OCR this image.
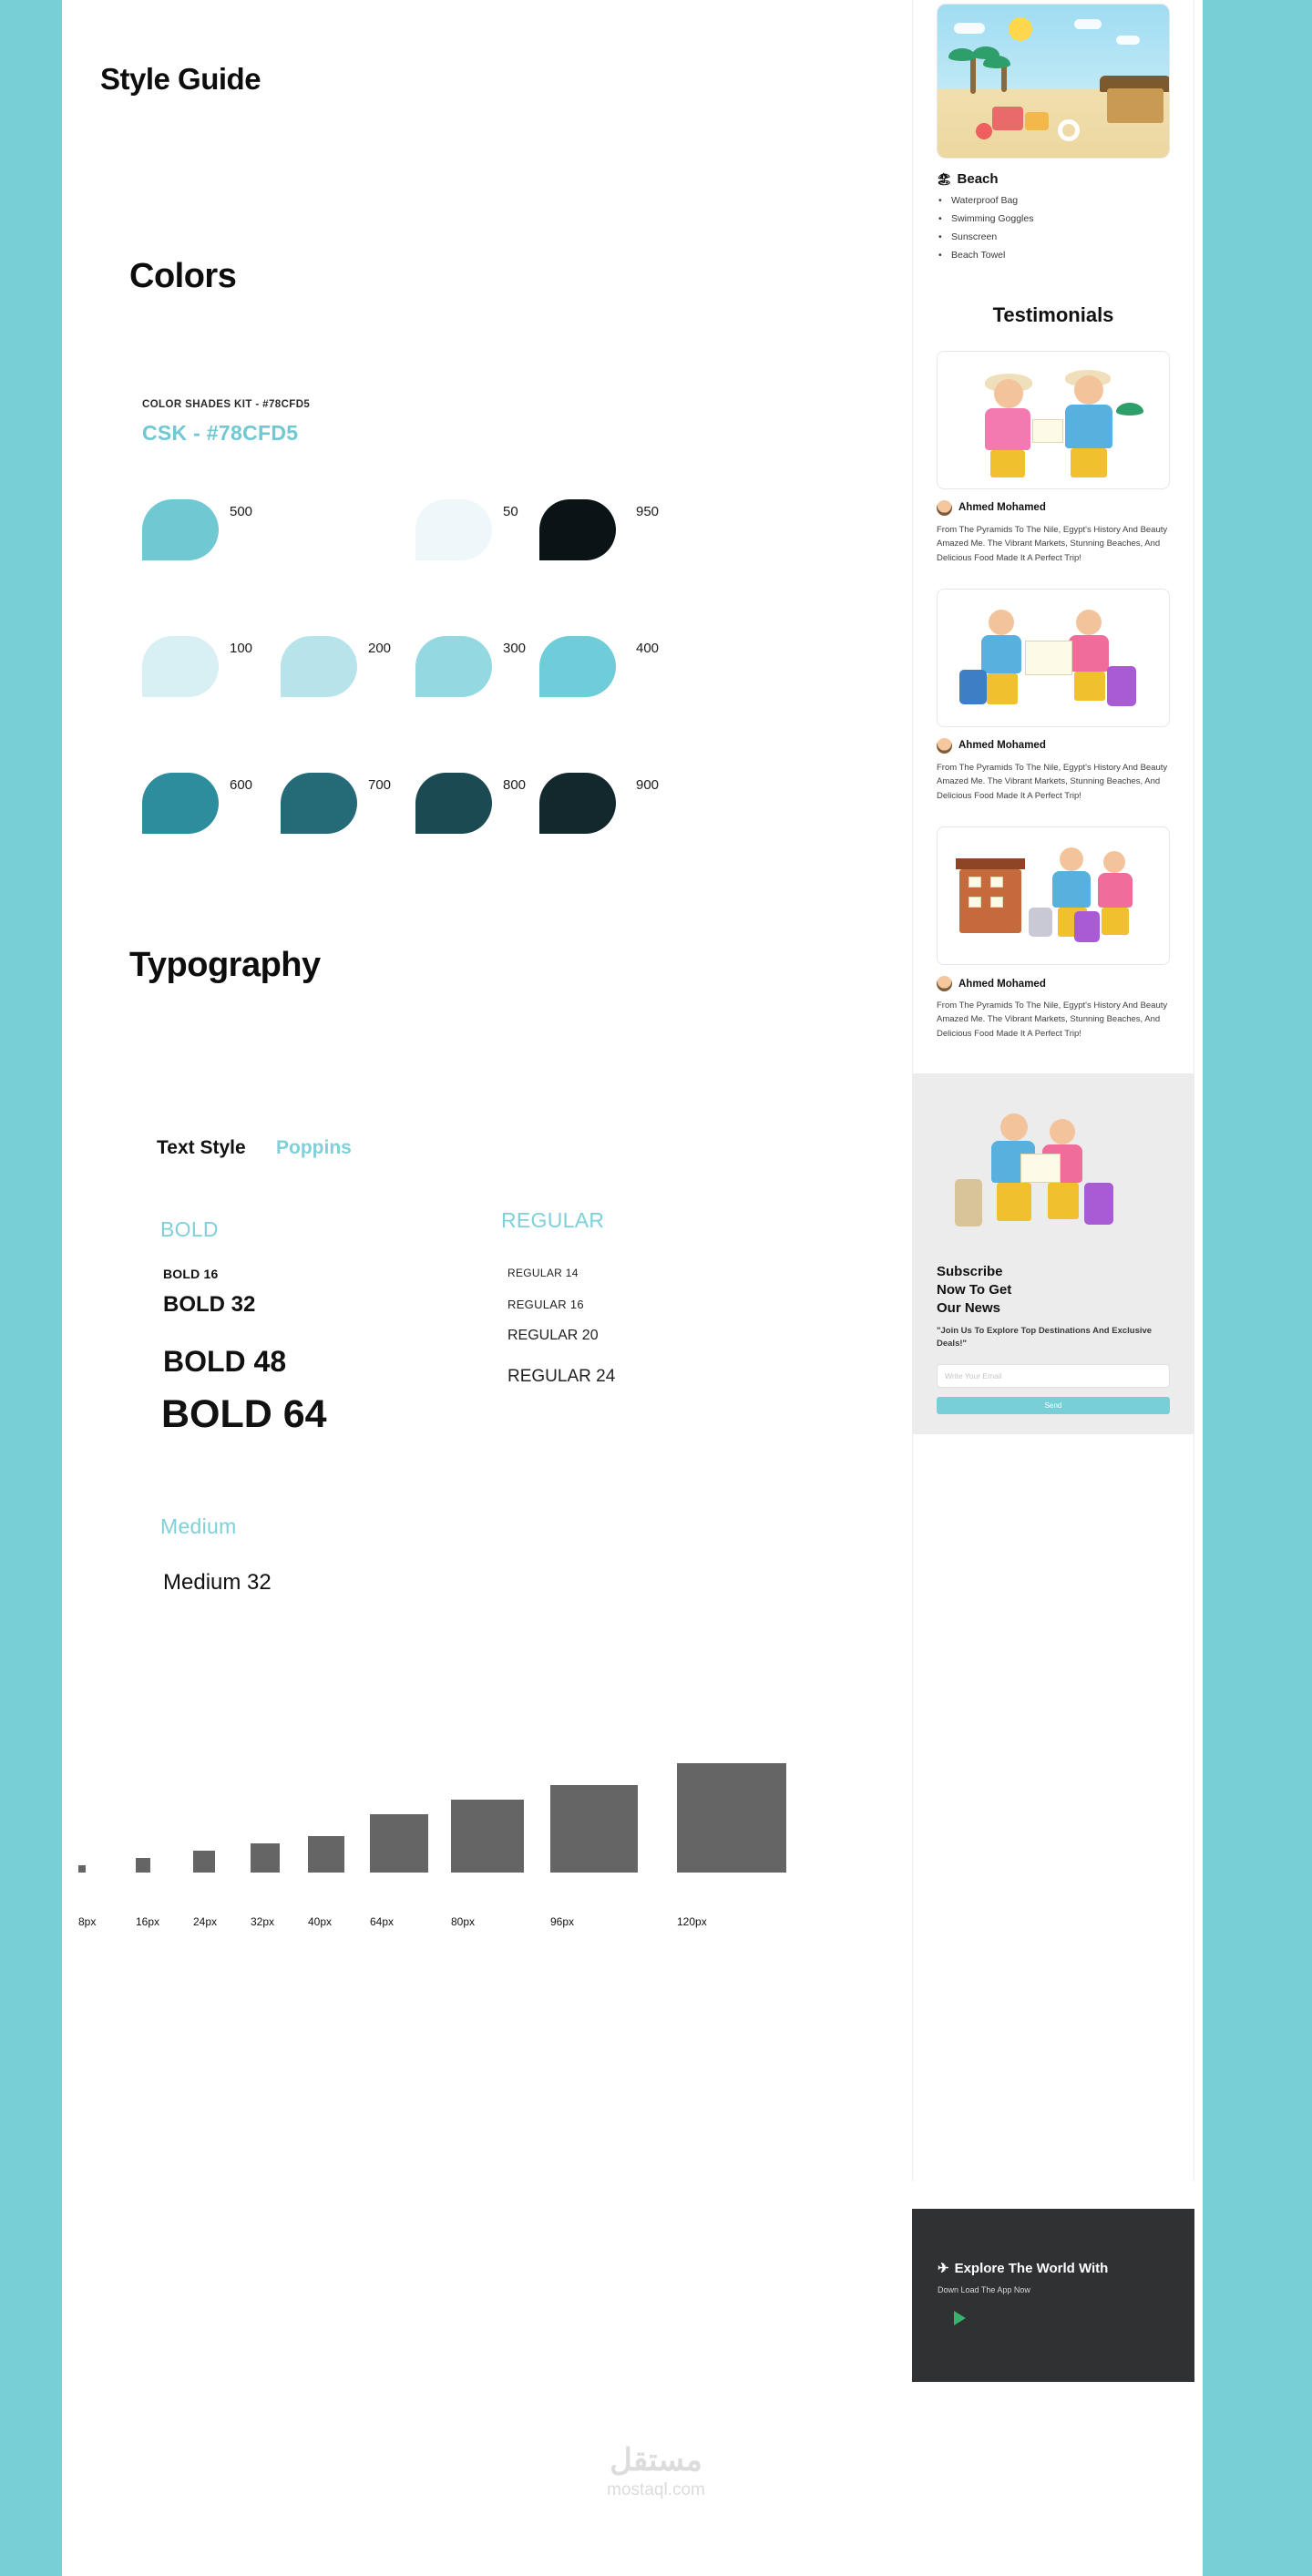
Style Guide
Colors
COLOR SHADES KIT - #78CFD5
CSK - #78CFD5
500	50	950
100	200	300	400
600	700	800	900
Typography
Text Style Poppins
BOLD	REGULAR
Medium
BOLD 16
BOLD 32
BOLD 48
BOLD 64
Medium 32
REGULAR 14
REGULAR 16
REGULAR 20
REGULAR 24
8px	16px	24px	32px	40px	64px	80px	96px	120px
مستقل
mostaql.com
🏖 Beach
• Waterproof Bag
• Swimming Goggles
• Sunscreen
• Beach Towel
Testimonials
Ahmed Mohamed
From The Pyramids To The Nile, Egypt's History And Beauty Amazed Me. The Vibrant Markets, Stunning Beaches, And Delicious Food Made It A Perfect Trip!
Ahmed Mohamed
From The Pyramids To The Nile, Egypt's History And Beauty Amazed Me. The Vibrant Markets, Stunning Beaches, And Delicious Food Made It A Perfect Trip!
Ahmed Mohamed
From The Pyramids To The Nile, Egypt's History And Beauty Amazed Me. The Vibrant Markets, Stunning Beaches, And Delicious Food Made It A Perfect Trip!
Subscribe
Now To Get
Our News
"Join Us To Explore Top Destinations And Exclusive Deals!"
Write Your Email
Send
✈ Explore The World With
Down Load The App Now
